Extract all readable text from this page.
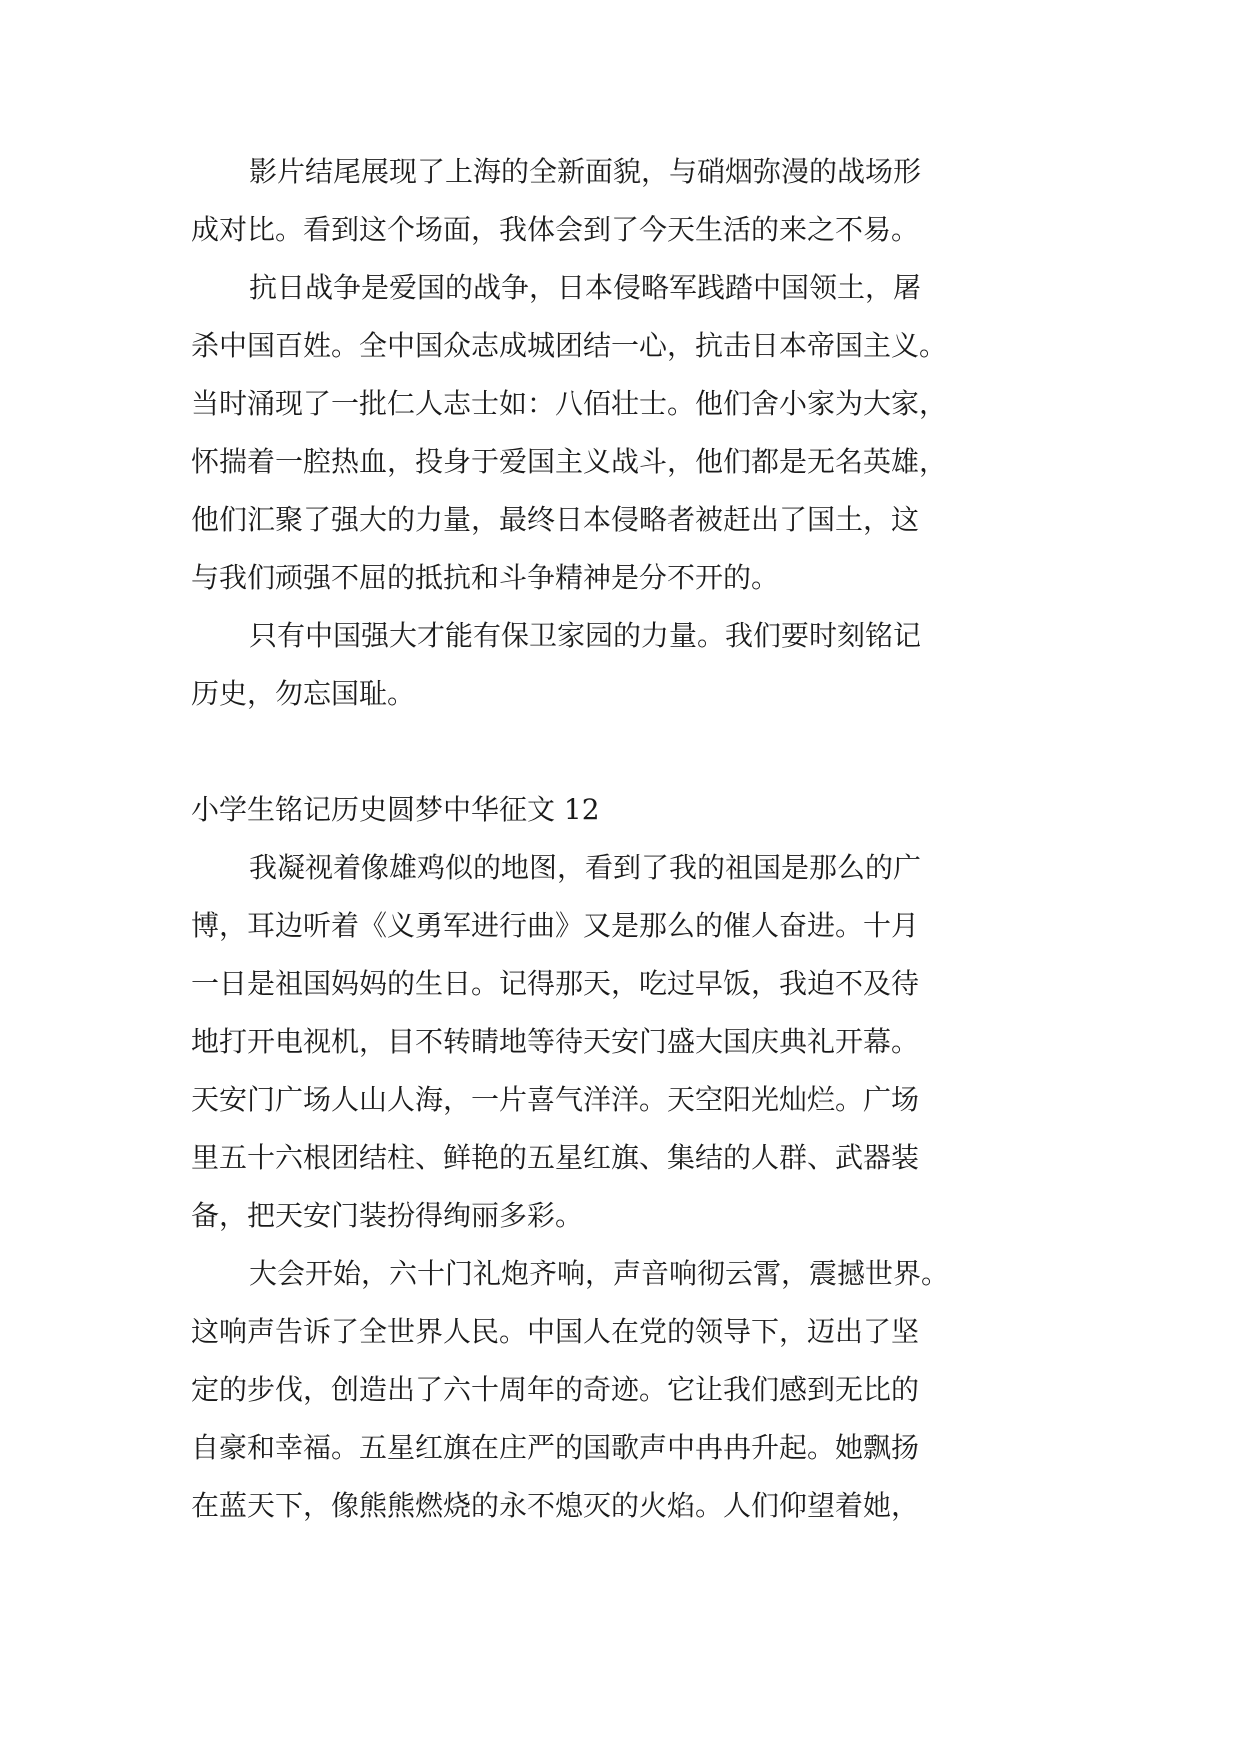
影片结尾展现了上海的全新面貌，与硝烟弥漫的战场形
成对比。看到这个场面，我体会到了今天生活的来之不易。
抗日战争是爱国的战争，日本侵略军践踏中国领土，屠
杀中国百姓。全中国众志成城团结一心，抗击日本帝国主义。
当时涌现了一批仁人志士如：八佰壮士。他们舍小家为大家，
怀揣着一腔热血，投身于爱国主义战斗，他们都是无名英雄，
他们汇聚了强大的力量，最终日本侵略者被赶出了国土，这
与我们顽强不屈的抵抗和斗争精神是分不开的。
只有中国强大才能有保卫家园的力量。我们要时刻铭记
历史，勿忘国耻。
小学生铭记历史圆梦中华征文 12
我凝视着像雄鸡似的地图，看到了我的祖国是那么的广
博，耳边听着《义勇军进行曲》又是那么的催人奋进。十月
一日是祖国妈妈的生日。记得那天，吃过早饭，我迫不及待
地打开电视机，目不转睛地等待天安门盛大国庆典礼开幕。
天安门广场人山人海，一片喜气洋洋。天空阳光灿烂。广场
里五十六根团结柱、鲜艳的五星红旗、集结的人群、武器装
备，把天安门装扮得绚丽多彩。
大会开始，六十门礼炮齐响，声音响彻云霄，震撼世界。
这响声告诉了全世界人民。中国人在党的领导下，迈出了坚
定的步伐，创造出了六十周年的奇迹。它让我们感到无比的
自豪和幸福。五星红旗在庄严的国歌声中冉冉升起。她飘扬
在蓝天下，像熊熊燃烧的永不熄灭的火焰。人们仰望着她，
